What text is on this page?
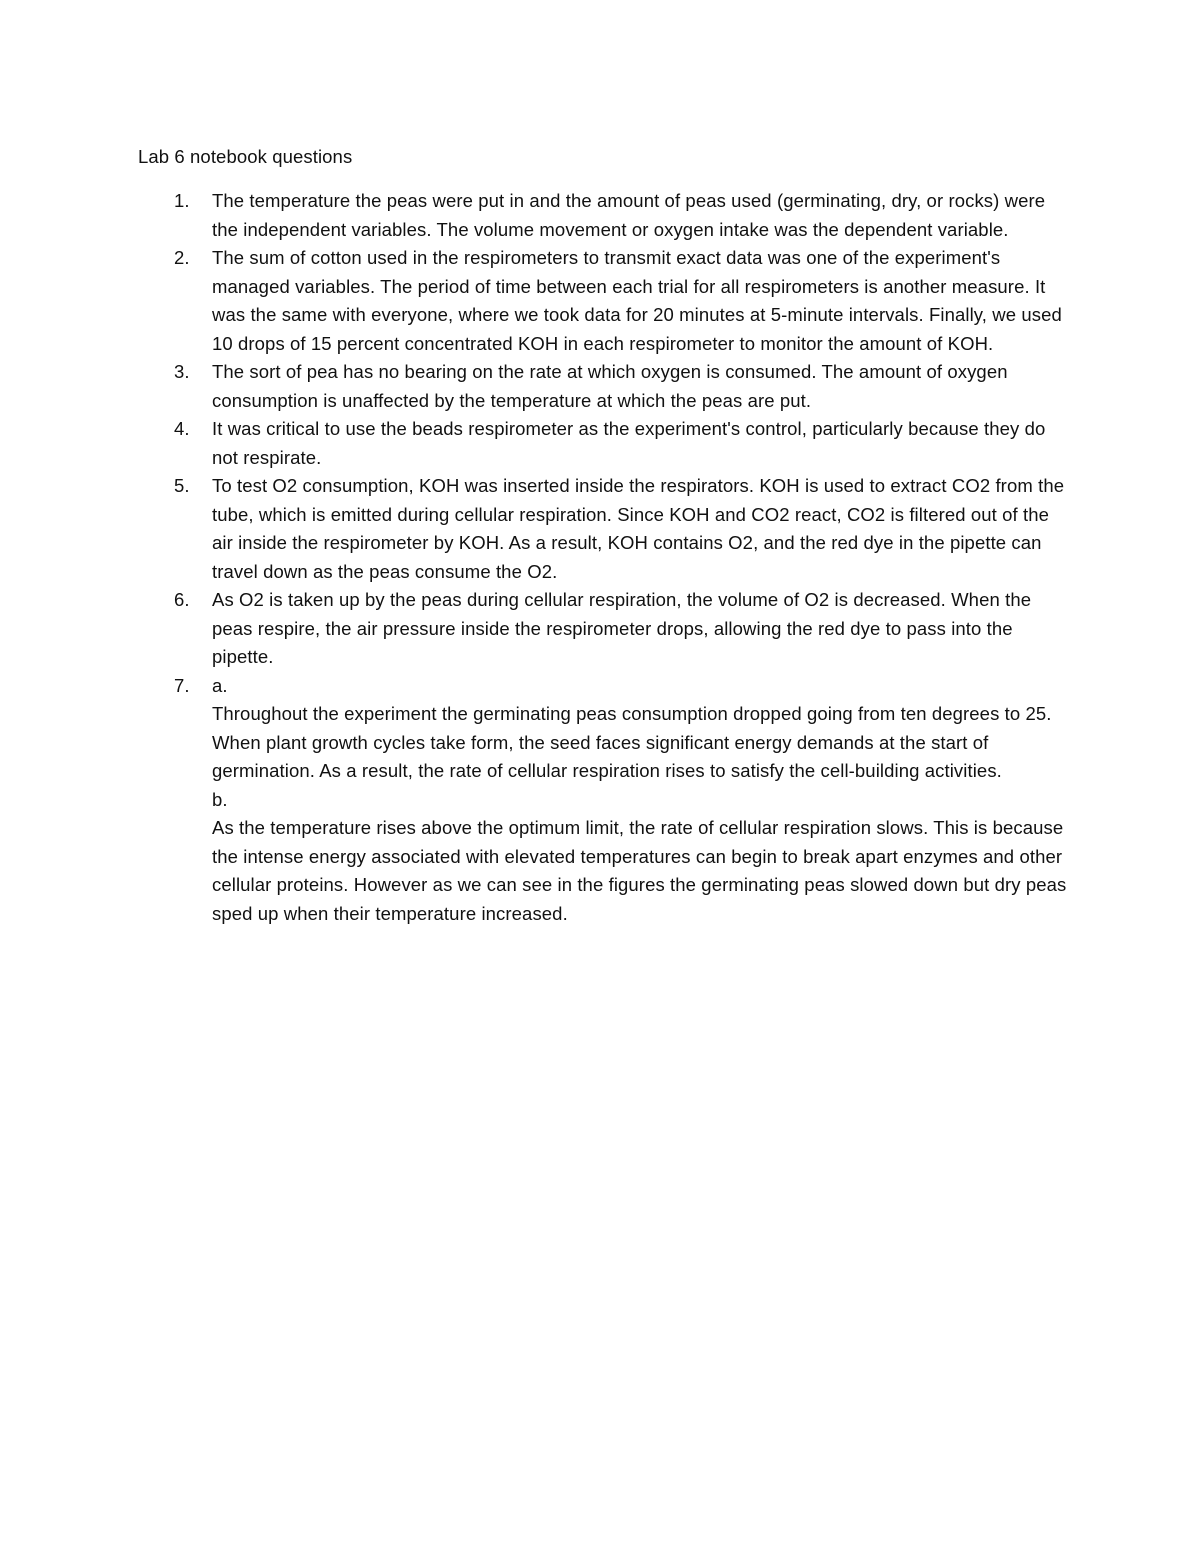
Lab 6 notebook questions
1. The temperature the peas were put in and the amount of peas used (germinating, dry, or rocks) were the independent variables. The volume movement or oxygen intake was the dependent variable.
2. The sum of cotton used in the respirometers to transmit exact data was one of the experiment's managed variables. The period of time between each trial for all respirometers is another measure. It was the same with everyone, where we took data for 20 minutes at 5-minute intervals. Finally, we used 10 drops of 15 percent concentrated KOH in each respirometer to monitor the amount of KOH.
3. The sort of pea has no bearing on the rate at which oxygen is consumed. The amount of oxygen consumption is unaffected by the temperature at which the peas are put.
4. It was critical to use the beads respirometer as the experiment's control, particularly because they do not respirate.
5. To test O2 consumption, KOH was inserted inside the respirators. KOH is used to extract CO2 from the tube, which is emitted during cellular respiration. Since KOH and CO2 react, CO2 is filtered out of the air inside the respirometer by KOH. As a result, KOH contains O2, and the red dye in the pipette can travel down as the peas consume the O2.
6. As O2 is taken up by the peas during cellular respiration, the volume of O2 is decreased. When the peas respire, the air pressure inside the respirometer drops, allowing the red dye to pass into the pipette.
7. a.
Throughout the experiment the germinating peas consumption dropped going from ten degrees to 25. When plant growth cycles take form, the seed faces significant energy demands at the start of germination. As a result, the rate of cellular respiration rises to satisfy the cell-building activities.
b.
As the temperature rises above the optimum limit, the rate of cellular respiration slows. This is because the intense energy associated with elevated temperatures can begin to break apart enzymes and other cellular proteins. However as we can see in the figures the germinating peas slowed down but dry peas sped up when their temperature increased.
